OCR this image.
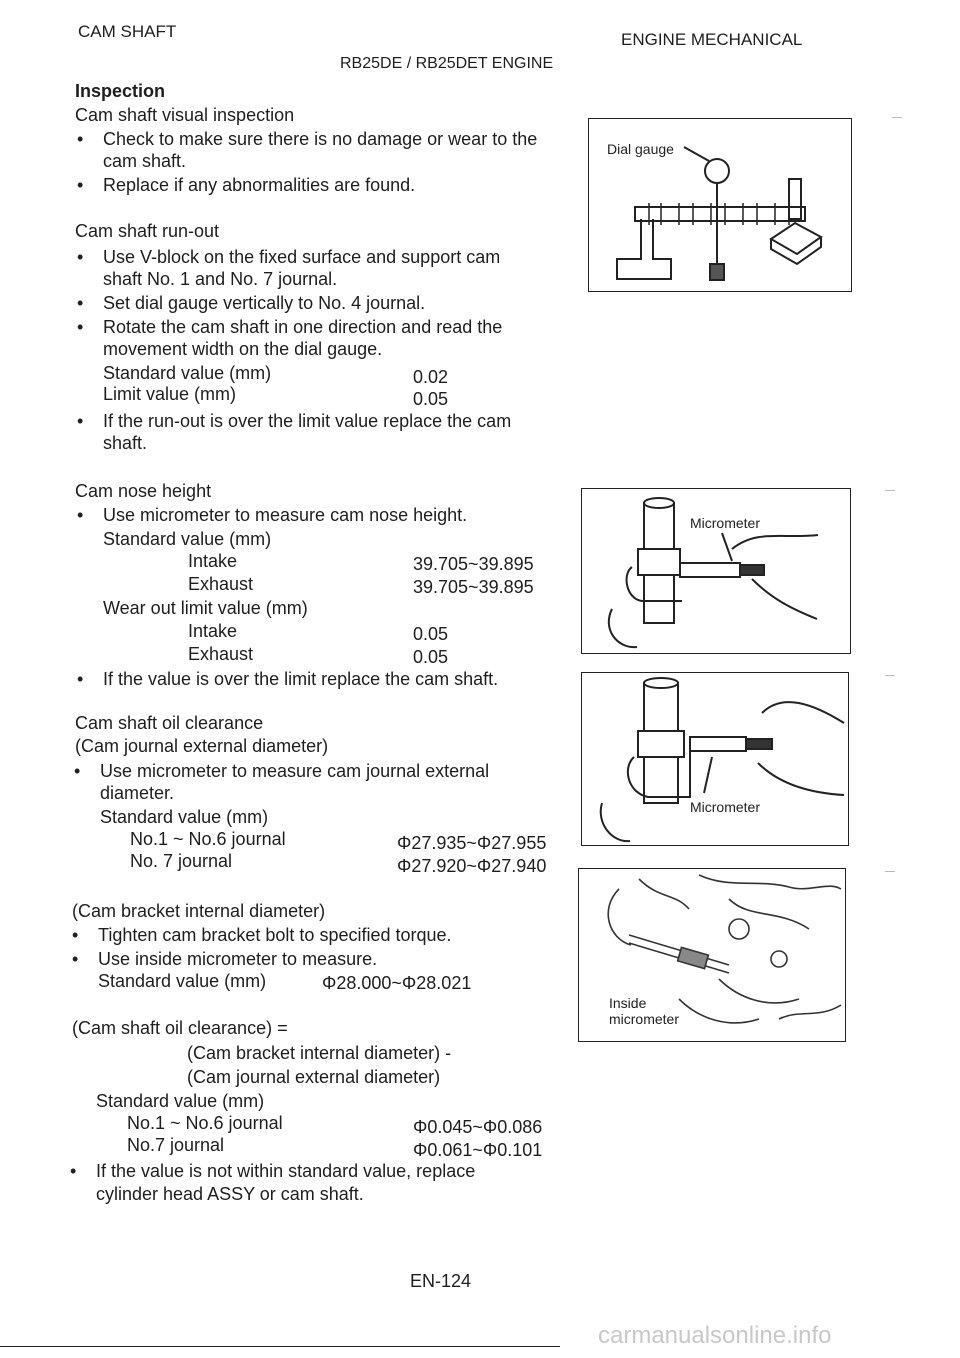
CAM SHAFT	ENGINE MECHANICAL
RB25DE / RB25DET ENGINE
Inspection
Cam shaft visual inspection
• Check to make sure there is no damage or wear to the
cam shaft.
• Replace if any abnormalities are found.
Cam shaft run-out
• Use V-block on the fixed surface and support cam
shaft No. 1 and No. 7 journal.
• Set dial gauge vertically to No. 4 journal.
• Rotate the cam shaft in one direction and read the
movement width on the dial gauge.
Standard value (mm)	0.02
Limit value (mm)	0.05
• If the run-out is over the limit value replace the cam
shaft.
Cam nose height
• Use micrometer to measure cam nose height.
Standard value (mm)
Intake	39.705~39.895
Exhaust	39.705~39.895
Wear out limit value (mm)
Intake	0.05
Exhaust	0.05
• If the value is over the limit replace the cam shaft.
Cam shaft oil clearance
(Cam journal external diameter)
• Use micrometer to measure cam journal external
diameter.
Standard value (mm)
No.1 ~ No.6 journal	Φ27.935~Φ27.955
No. 7 journal	Φ27.920~Φ27.940
(Cam bracket internal diameter)
• Tighten cam bracket bolt to specified torque.
• Use inside micrometer to measure.
Standard value (mm)	Φ28.000~Φ28.021
(Cam shaft oil clearance) =
(Cam bracket internal diameter) -
(Cam journal external diameter)
Standard value (mm)
No.1 ~ No.6 journal	Φ0.045~Φ0.086
No.7 journal	Φ0.061~Φ0.101
• If the value is not within standard value, replace
cylinder head ASSY or cam shaft.
Dial gauge
Micrometer
Micrometer
Inside
micrometer
EN-124
carmanualsonline.info
